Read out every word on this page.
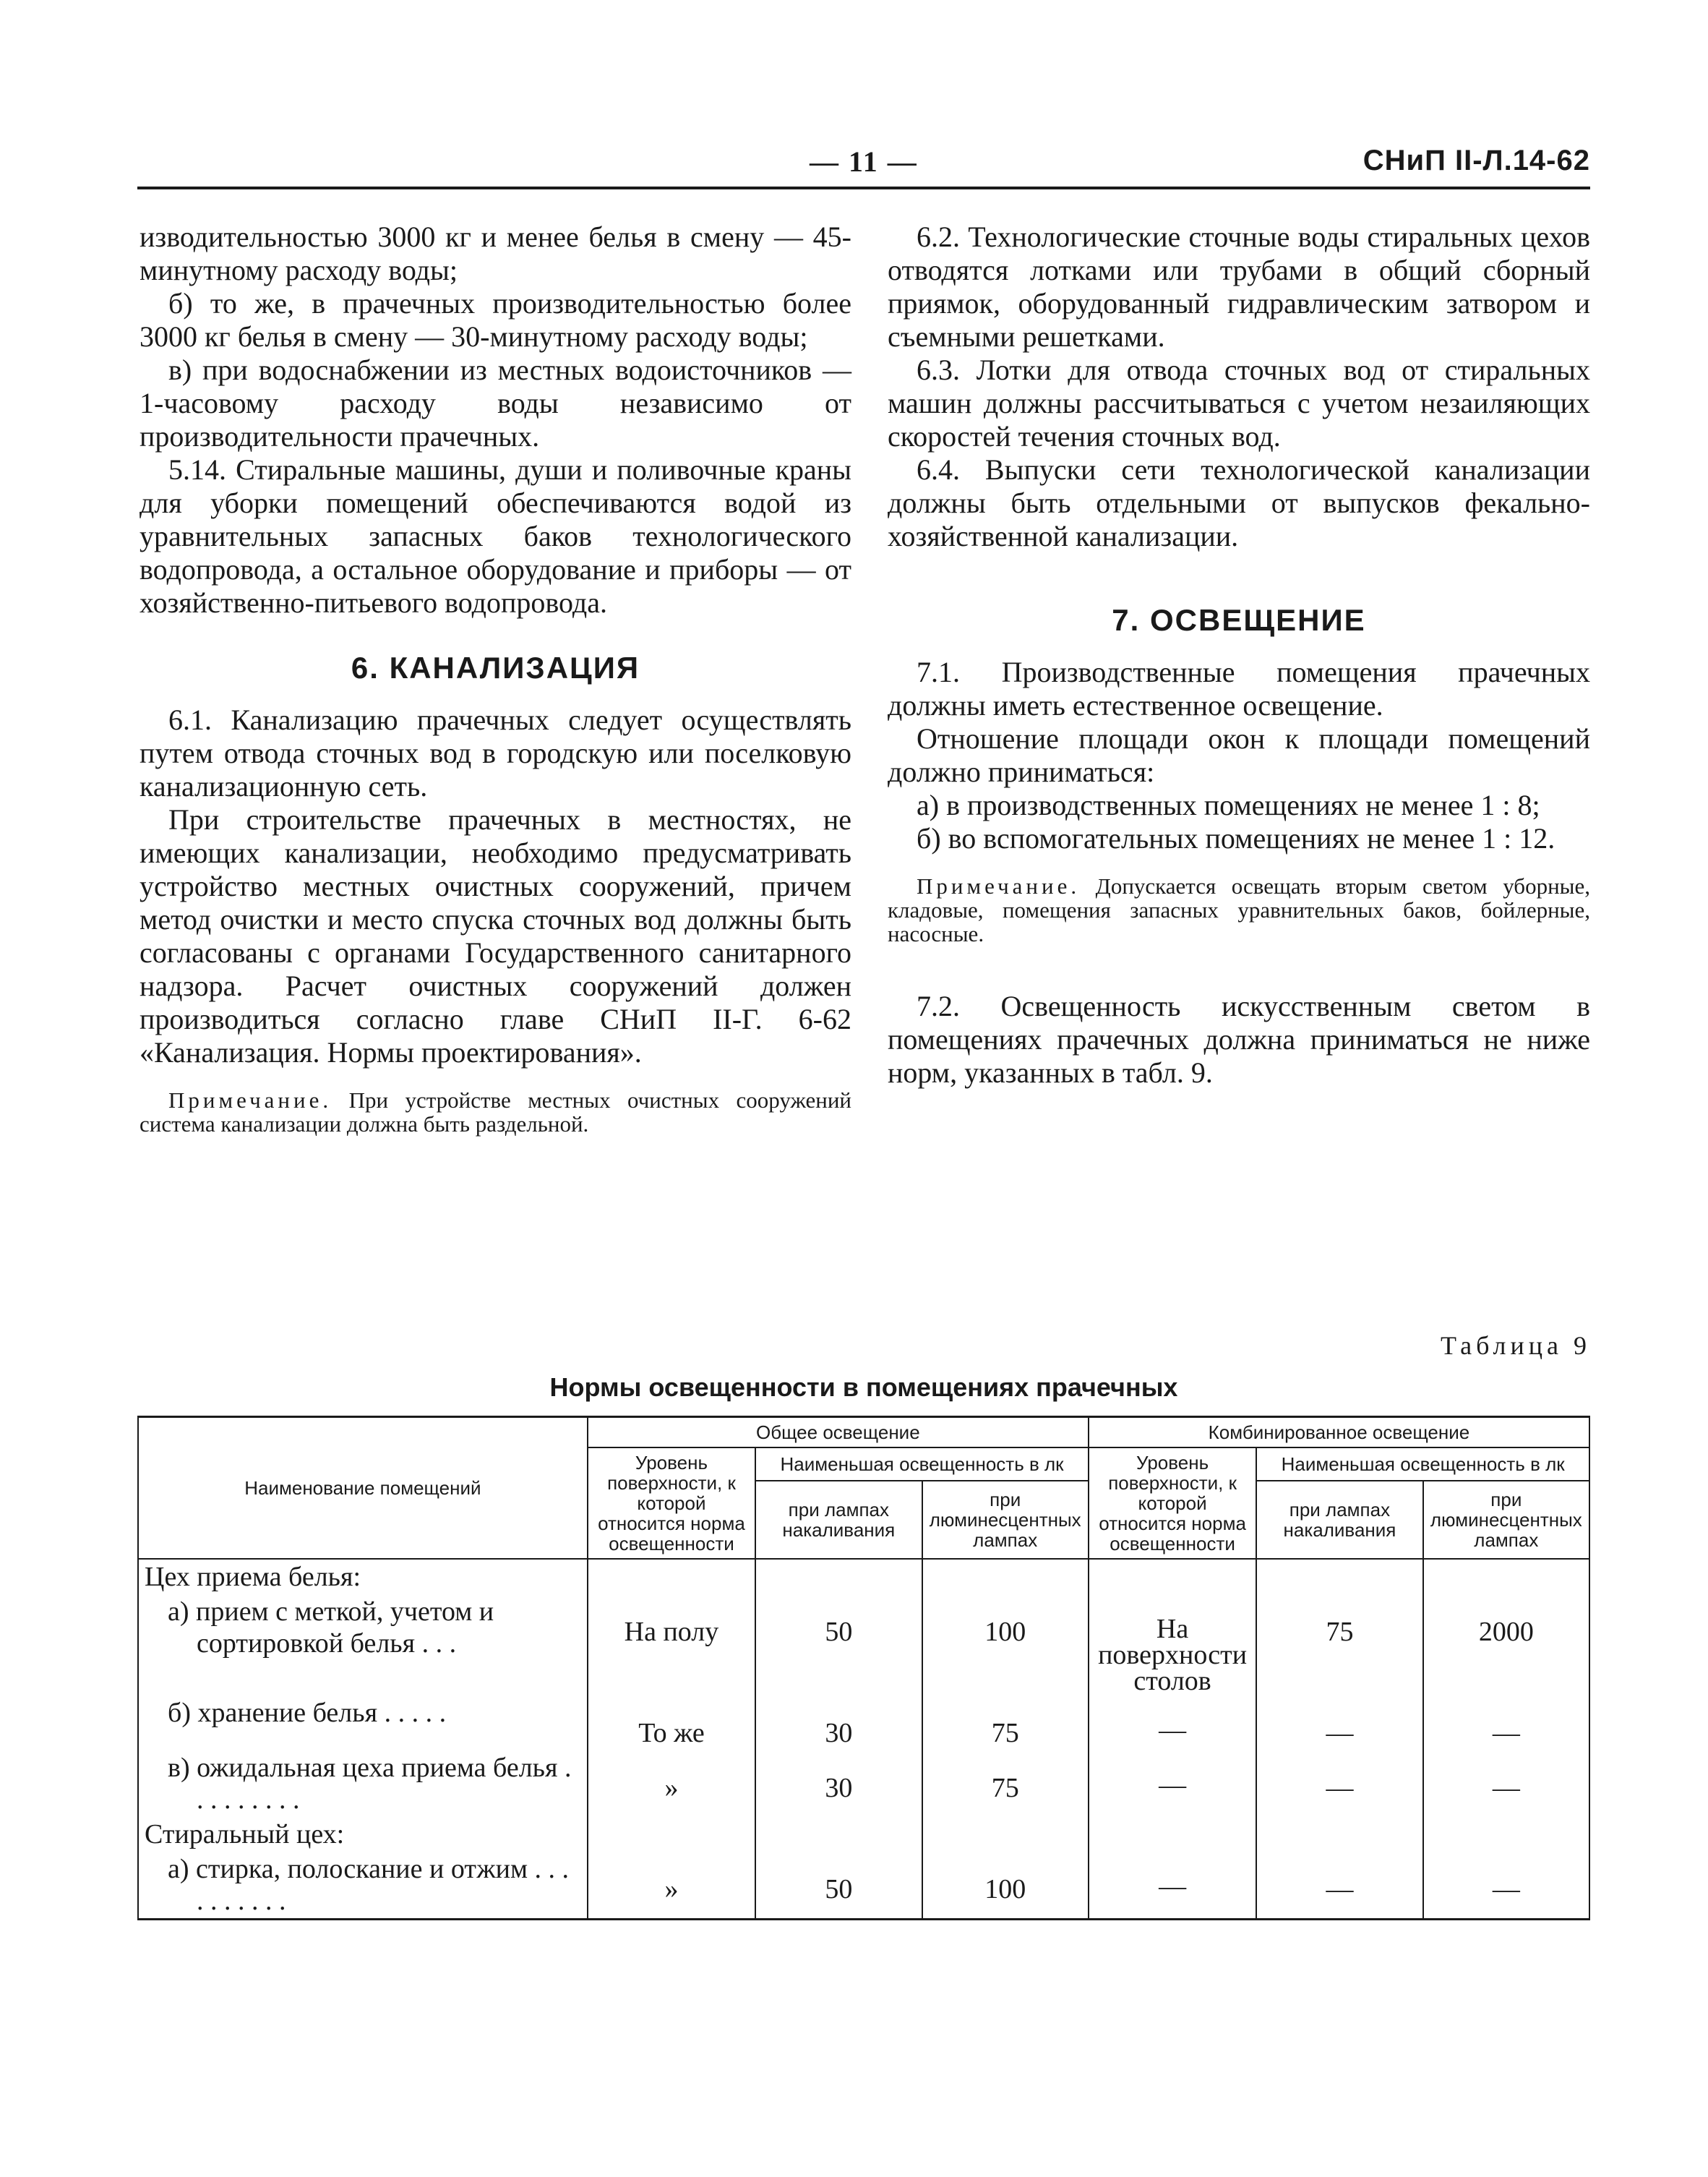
— 11 —	СНиП II-Л.14-62

изводительностью 3000 кг и менее белья в смену — 45-минутному расходу воды;

б) то же, в прачечных производительностью более 3000 кг белья в смену — 30-минутному расходу воды;

в) при водоснабжении из местных водоисточников — 1-часовому расходу воды независимо от производительности прачечных.

5.14. Стиральные машины, души и поливочные краны для уборки помещений обеспечиваются водой из уравнительных запасных баков технологического водопровода, а остальное оборудование и приборы — от хозяйственно-питьевого водопровода.

6. КАНАЛИЗАЦИЯ

6.1. Канализацию прачечных следует осуществлять путем отвода сточных вод в городскую или поселковую канализационную сеть.

При строительстве прачечных в местностях, не имеющих канализации, необходимо предусматривать устройство местных очистных сооружений, причем метод очистки и место спуска сточных вод должны быть согласованы с органами Государственного санитарного надзора. Расчет очистных сооружений должен производиться согласно главе СНиП II-Г. 6-62 «Канализация. Нормы проектирования».

Примечание. При устройстве местных очистных сооружений система канализации должна быть раздельной.

6.2. Технологические сточные воды стиральных цехов отводятся лотками или трубами в общий сборный приямок, оборудованный гидравлическим затвором и съемными решетками.

6.3. Лотки для отвода сточных вод от стиральных машин должны рассчитываться с учетом незаиляющих скоростей течения сточных вод.

6.4. Выпуски сети технологической канализации должны быть отдельными от выпусков фекально-хозяйственной канализации.

7. ОСВЕЩЕНИЕ

7.1. Производственные помещения прачечных должны иметь естественное освещение.

Отношение площади окон к площади помещений должно приниматься:

а) в производственных помещениях не менее 1 : 8;

б) во вспомогательных помещениях не менее 1 : 12.

Примечание. Допускается освещать вторым светом уборные, кладовые, помещения запасных уравнительных баков, бойлерные, насосные.

7.2. Освещенность искусственным светом в помещениях прачечных должна приниматься не ниже норм, указанных в табл. 9.

Таблица 9
Нормы освещенности в помещениях прачечных
Наименование помещений	Общее освещение			Комбинированное освещение		
	Уровень поверхности, к которой относится норма освещенности	Наименьшая освещенность в лк		Уровень поверхности, к которой относится норма освещенности	Наименьшая освещенность в лк	
		при лампах накаливания	при люминесцентных лампах		при лампах накаливания	при люминесцентных лампах
Цех приема белья:						
а) прием с меткой, учетом и сортировкой белья . . .	На полу	50	100	На поверхности столов	75	2000
б) хранение белья . . . . .	То же	30	75	—	—	—
в) ожидальная цеха приема белья . . . . . . . . .	»	30	75	—	—	—
Стиральный цех:						
а) стирка, полоскание и отжим . . . . . . . . . .	»	50	100	—	—	—
